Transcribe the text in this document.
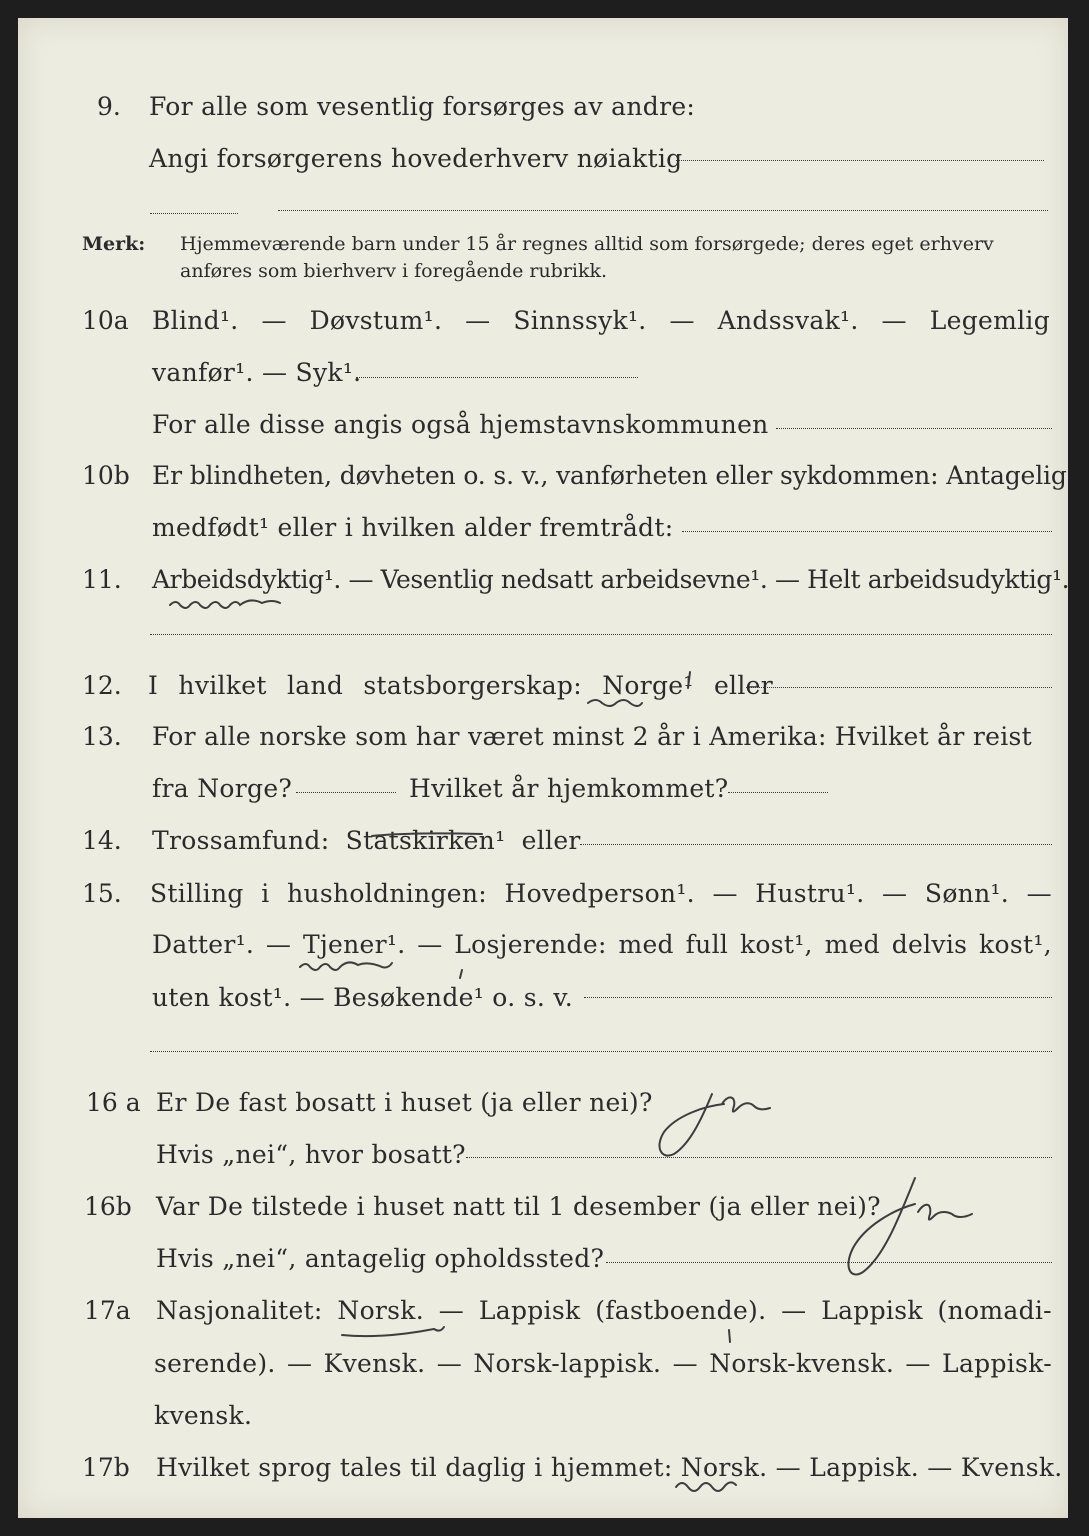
9. For alle som vesentlig forsørges av andre:
Angi forsørgerens hovederhverv nøiaktig
Merk: Hjemmeværende barn under 15 år regnes alltid som forsørgede; deres eget erhverv
anføres som bierhverv i foregående rubrikk.
10a Blind¹. — Døvstum¹. — Sinnssyk¹. — Andssvak¹. — Legemlig
vanfør¹. — Syk¹.
For alle disse angis også hjemstavnskommunen
10b Er blindheten, døvheten o. s. v., vanførheten eller sykdommen: Antagelig
medfødt¹ eller i hvilken alder fremtrådt:
11. Arbeidsdyktig¹. — Vesentlig nedsatt arbeidsevne¹. — Helt arbeidsudyktig¹.
12. I hvilket land statsborgerskap: Norge¹ eller
13. For alle norske som har været minst 2 år i Amerika: Hvilket år reist
fra Norge?	Hvilket år hjemkommet?
14. Trossamfund: Statskirken¹ eller
15. Stilling i husholdningen: Hovedperson¹. — Hustru¹. — Sønn¹. —
Datter¹. — Tjener¹. — Losjerende: med full kost¹, med delvis kost¹,
uten kost¹. — Besøkende¹ o. s. v.
16 a Er De fast bosatt i huset (ja eller nei)?
Hvis „nei“, hvor bosatt?
16b Var De tilstede i huset natt til 1 desember (ja eller nei)?
Hvis „nei“, antagelig opholdssted?
17a Nasjonalitet: Norsk. — Lappisk (fastboende). — Lappisk (nomadi-
serende). — Kvensk. — Norsk-lappisk. — Norsk-kvensk. — Lappisk-
kvensk.
17b Hvilket sprog tales til daglig i hjemmet: Norsk. — Lappisk. — Kvensk.
